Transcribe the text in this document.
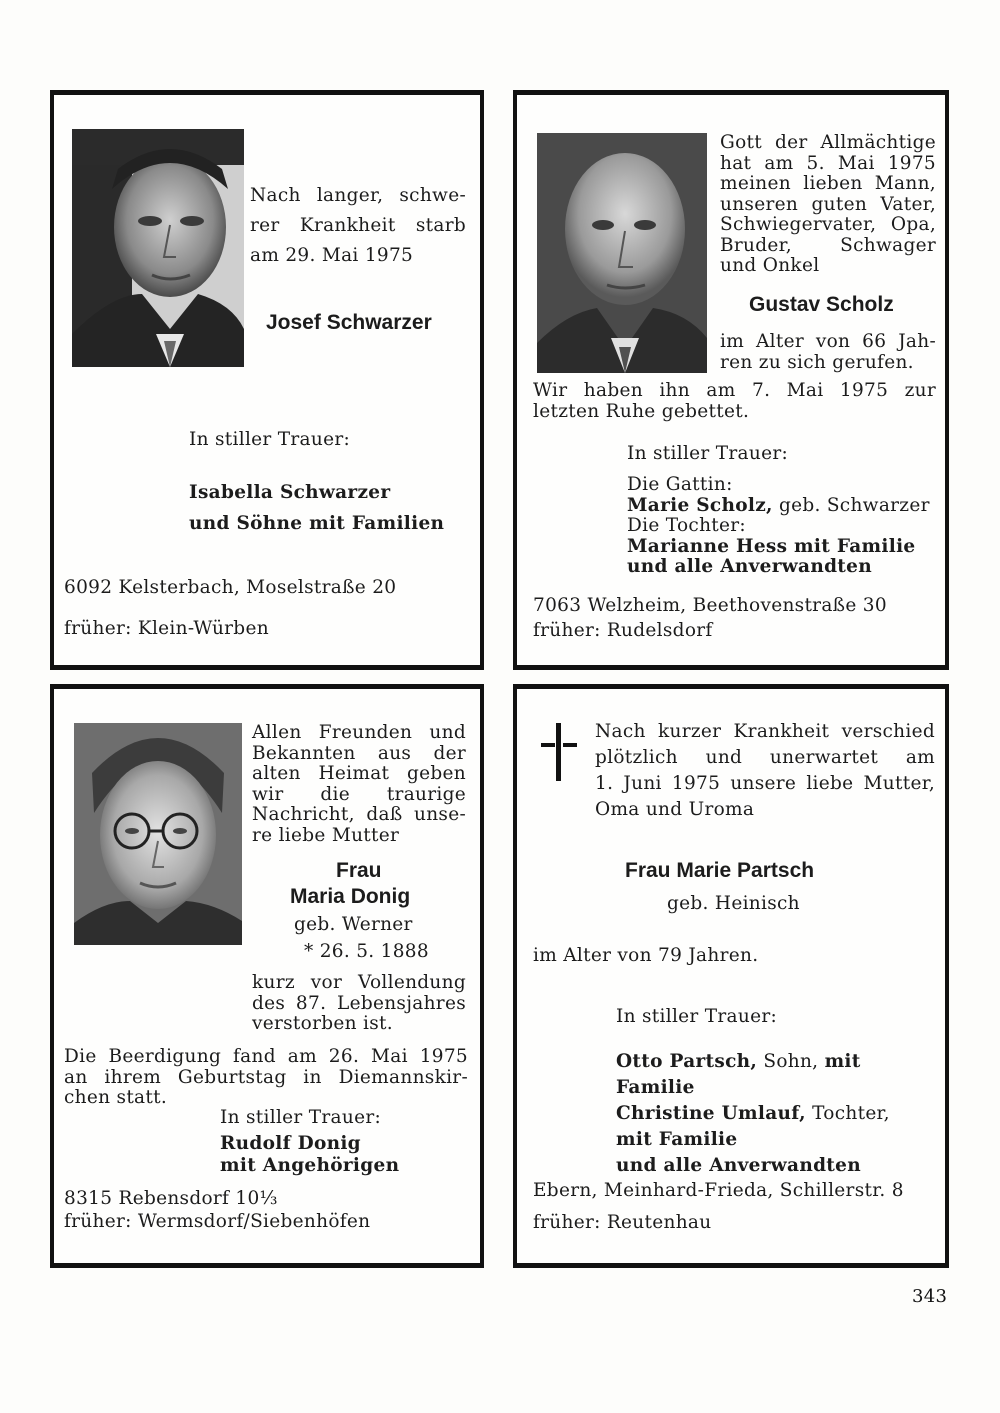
Nach langer, schwe-
rer Krankheit starb
am 29. Mai 1975
Josef Schwarzer
In stiller Trauer:
Isabella Schwarzer
und Söhne mit Familien
6092 Kelsterbach, Moselstraße 20
früher: Klein-Würben
Gott der Allmächtige
hat am 5. Mai 1975
meinen lieben Mann,
unseren guten Vater,
Schwiegervater, Opa,
Bruder, Schwager
und Onkel
Gustav Scholz
im Alter von 66 Jah-
ren zu sich gerufen.
Wir haben ihn am 7. Mai 1975 zur
letzten Ruhe gebettet.
In stiller Trauer:
Die Gattin:
Marie Scholz, geb. Schwarzer
Die Tochter:
Marianne Hess mit Familie
und alle Anverwandten
7063 Welzheim, Beethovenstraße 30
früher: Rudelsdorf
Allen Freunden und
Bekannten aus der
alten Heimat geben
wir die traurige
Nachricht, daß unse-
re liebe Mutter
Frau
Maria Donig
geb. Werner
* 26. 5. 1888
kurz vor Vollendung
des 87. Lebensjahres
verstorben ist.
Die Beerdigung fand am 26. Mai 1975
an ihrem Geburtstag in Diemannskir-
chen statt.
In stiller Trauer:
Rudolf Donig
mit Angehörigen
8315 Rebensdorf 10⅓
früher: Wermsdorf/Siebenhöfen
Nach kurzer Krankheit verschied
plötzlich und unerwartet am
1. Juni 1975 unsere liebe Mutter,
Oma und Uroma
Frau Marie Partsch
geb. Heinisch
im Alter von 79 Jahren.
In stiller Trauer:
Otto Partsch, Sohn, mit Familie
Christine Umlauf, Tochter,
mit Familie
und alle Anverwandten
Ebern, Meinhard-Frieda, Schillerstr. 8
früher: Reutenhau
343
